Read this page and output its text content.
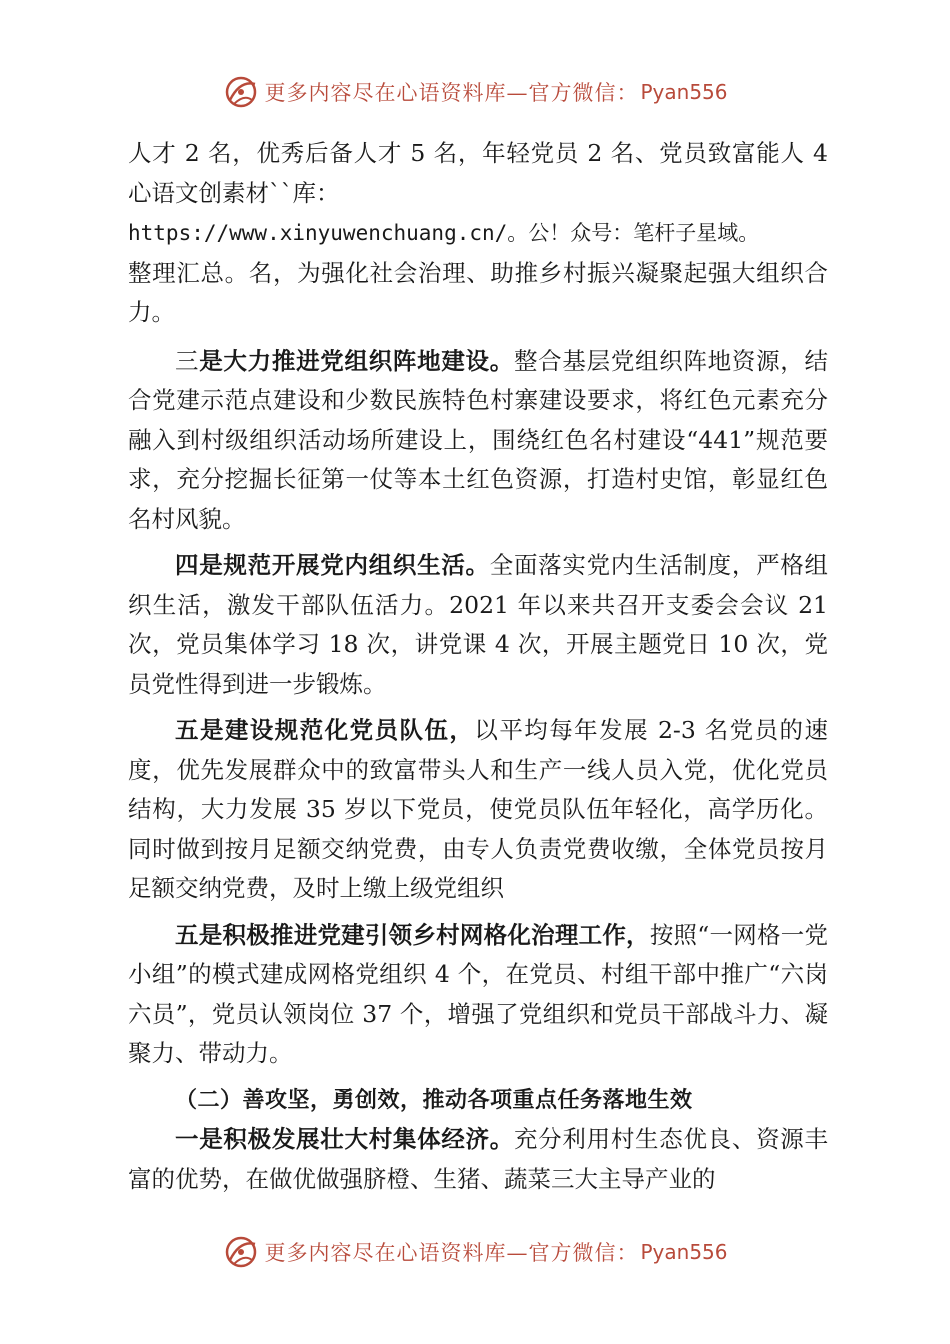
更多内容尽在心语资料库—官方微信： Pyan556

人才 2 名，优秀后备人才 5 名，年轻党员 2 名、党员致富能人 4 心语文创素材``库：
https://www.xinyuwenchuang.cn/。公！众号：笔杆子星域。
整理汇总。名，为强化社会治理、助推乡村振兴凝聚起强大组织合力。

三是大力推进党组织阵地建设。整合基层党组织阵地资源，结合党建示范点建设和少数民族特色村寨建设要求，将红色元素充分融入到村级组织活动场所建设上，围绕红色名村建设“441”规范要求，充分挖掘长征第一仗等本土红色资源，打造村史馆，彰显红色名村风貌。

四是规范开展党内组织生活。全面落实党内生活制度，严格组织生活，激发干部队伍活力。2021 年以来共召开支委会会议 21 次，党员集体学习 18 次，讲党课 4 次，开展主题党日 10 次，党员党性得到进一步锻炼。

五是建设规范化党员队伍，以平均每年发展 2-3 名党员的速度，优先发展群众中的致富带头人和生产一线人员入党，优化党员结构，大力发展 35 岁以下党员，使党员队伍年轻化，高学历化。同时做到按月足额交纳党费，由专人负责党费收缴，全体党员按月足额交纳党费，及时上缴上级党组织

五是积极推进党建引领乡村网格化治理工作，按照“一网格一党小组”的模式建成网格党组织 4 个，在党员、村组干部中推广“六岗六员”，党员认领岗位 37 个，增强了党组织和党员干部战斗力、凝聚力、带动力。

（二）善攻坚，勇创效，推动各项重点任务落地生效

一是积极发展壮大村集体经济。充分利用村生态优良、资源丰富的优势，在做优做强脐橙、生猪、蔬菜三大主导产业的

更多内容尽在心语资料库—官方微信： Pyan556
